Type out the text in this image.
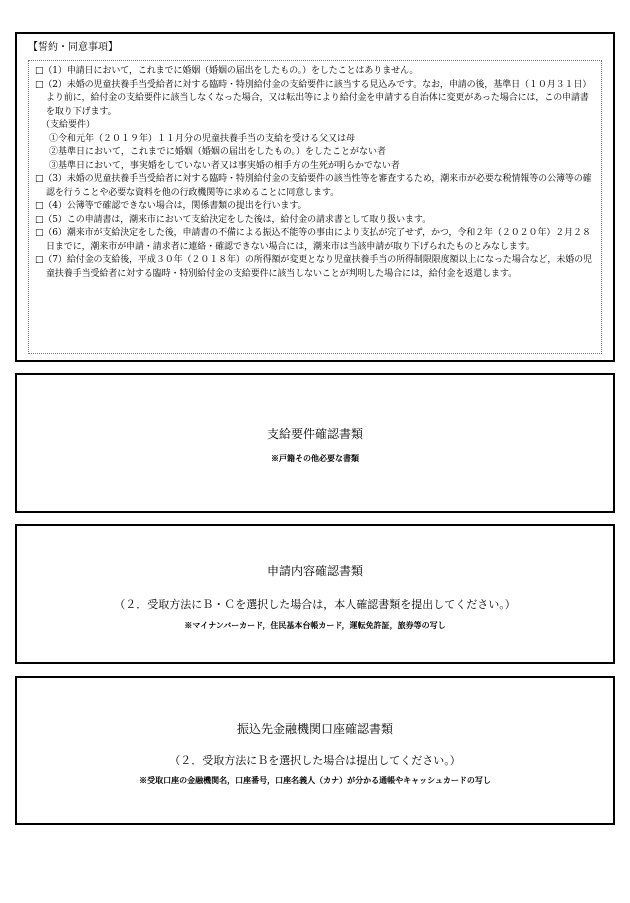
【誓約・同意事項】

□（1）申請日において，これまでに婚姻（婚姻の届出をしたもの。）をしたことはありません。

□（2）未婚の児童扶養手当受給者に対する臨時・特別給付金の支給要件に該当する見込みです。なお，申請の後，基準日（１０月３１日）より前に，給付金の支給要件に該当しなくなった場合，又は転出等により給付金を申請する自治体に変更があった場合には，この申請書を取り下げます。

（支給要件）

①令和元年（２０１９年）１１月分の児童扶養手当の支給を受ける父又は母

②基準日において，これまでに婚姻（婚姻の届出をしたもの。）をしたことがない者

③基準日において，事実婚をしていない者又は事実婚の相手方の生死が明らかでない者

□（3）未婚の児童扶養手当受給者に対する臨時・特別給付金の支給要件の該当性等を審査するため，潮来市が必要な税情報等の公簿等の確認を行うことや必要な資料を他の行政機関等に求めることに同意します。

□（4）公簿等で確認できない場合は，関係書類の提出を行います。

□（5）この申請書は，潮来市において支給決定をした後は，給付金の請求書として取り扱います。

□（6）潮来市が支給決定をした後，申請書の不備による振込不能等の事由により支払が完了せず，かつ，令和２年（２０２０年）２月２８日までに，潮来市が申請・請求者に連絡・確認できない場合には，潮来市は当該申請が取り下げられたものとみなします。

□（7）給付金の支給後，平成３０年（２０１８年）の所得額が変更となり児童扶養手当の所得制限限度額以上になった場合など，未婚の児童扶養手当受給者に対する臨時・特別給付金の支給要件に該当しないことが判明した場合には，給付金を返還します。

支給要件確認書類

※戸籍その他必要な書類

申請内容確認書類

（２．受取方法にＢ・Ｃを選択した場合は，本人確認書類を提出してください。）

※マイナンバーカード，住民基本台帳カード，運転免許証，旅券等の写し

振込先金融機関口座確認書類

（２．受取方法にＢを選択した場合は提出してください。）

※受取口座の金融機関名，口座番号，口座名義人（カナ）が分かる通帳やキャッシュカードの写し
